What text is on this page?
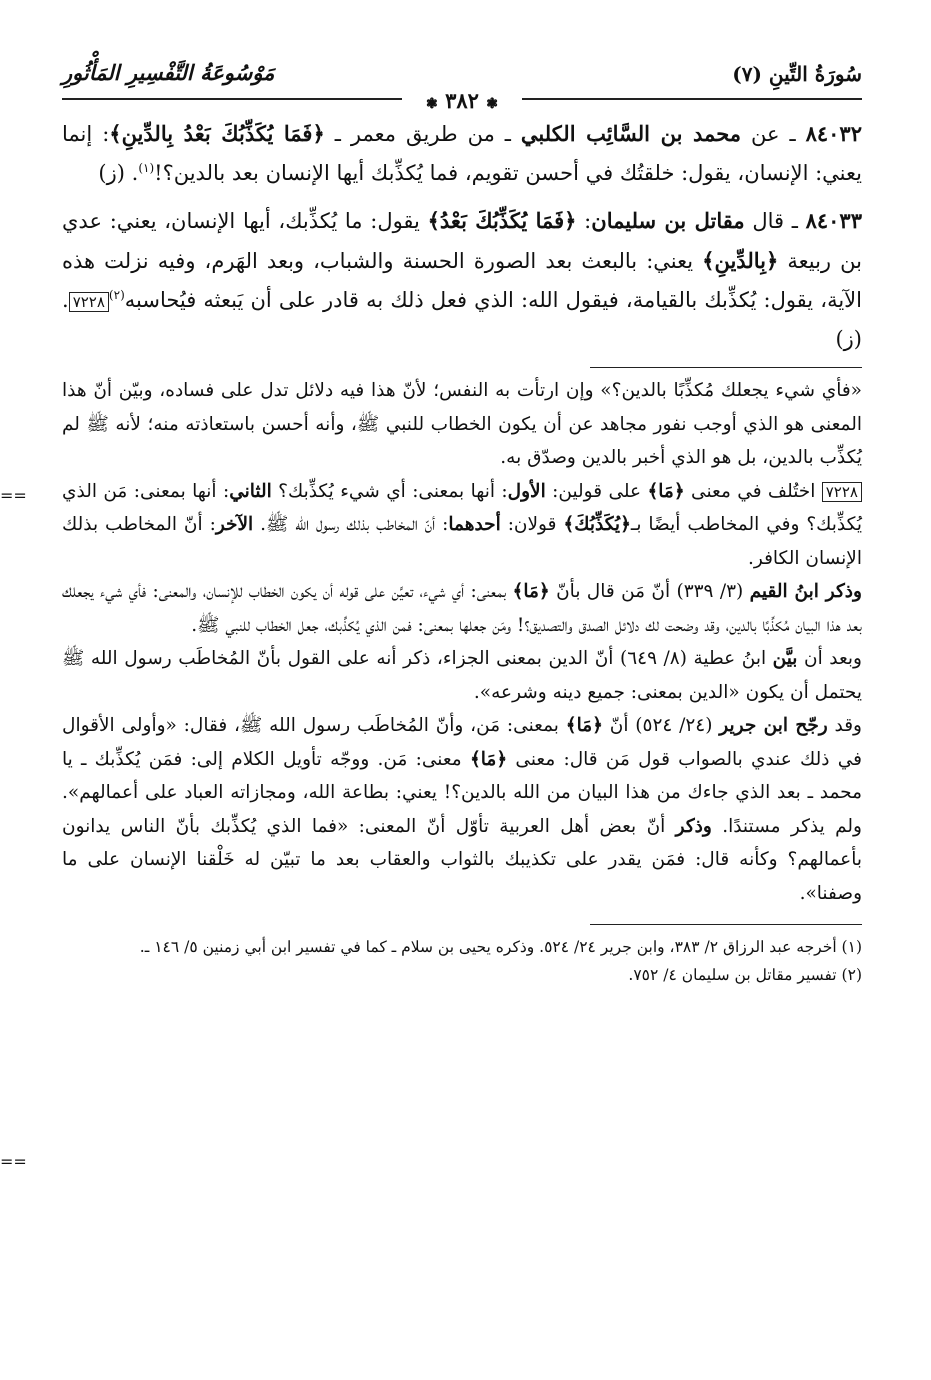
سُورَةُ التِّينِ (٧)
مَوْسُوعَةُ التَّفْسِيرِ المَأْثُورِ
❃ ٣٨٢ ❃

٨٤٠٣٢ ـ عن محمد بن السَّائِب الكلبي ـ من طريق معمر ـ ﴿فَمَا يُكَذِّبُكَ بَعْدُ بِالدِّينِ﴾: إنما يعني: الإنسان، يقول: خلقتُك في أحسن تقويم، فما يُكذِّبك أيها الإنسان بعد بالدين؟!$^{(١)}$. (ز)

٨٤٠٣٣ ـ قال مقاتل بن سليمان: ﴿فَمَا يُكَذِّبُكَ بَعْدُ﴾ يقول: ما يُكذِّبك، أيها الإنسان، يعني: عدي بن ربيعة ﴿بِالدِّينِ﴾ يعني: بالبعث بعد الصورة الحسنة والشباب، وبعد الهَرم، وفيه نزلت هذه الآية، يقول: يُكذِّبك بالقيامة، فيقول الله: الذي فعل ذلك به قادر على أن يَبعثه فيُحاسبه$^{(٢)}$٧٢٢٨. (ز)

«فأي شيء يجعلك مُكذِّبًا بالدين؟» وإن ارتأت به النفس؛ لأنّ هذا فيه دلائل تدل على فساده، وبيّن أنّ هذا المعنى هو الذي أوجب نفور مجاهد عن أن يكون الخطاب للنبي ﷺ، وأنه أحسن باستعاذته منه؛ لأنه ﷺ لم يُكذِّب بالدين، بل هو الذي أخبر بالدين وصدّق به.

٧٢٢٨ اختُلف في معنى ﴿مَا﴾ على قولين: الأول: أنها بمعنى: أي شيء يُكذِّبك؟ الثاني: أنها بمعنى: مَن الذي يُكذِّبك؟ وفي المخاطب أيضًا بـ﴿يُكَذِّبُكَ﴾ قولان: أحدهما: أنّ المخاطب بذلك رسول الله ﷺ. الآخر: أنّ المخاطب بذلك الإنسان الكافر.

وذكر ابنُ القيم (٣/ ٣٣٩) أنّ مَن قال بأنّ ﴿مَا﴾ بمعنى: أي شيء، تعيَّن على قوله أن يكون الخطاب للإنسان، والمعنى: فأي شيء يجعلك بعد هذا البيان مُكذِّبًا بالدين، وقد وضحت لك دلائل الصدق والتصديق؟! ومَن جعلها بمعنى: فمن الذي يُكذِّبك، جعل الخطاب للنبي ﷺ.

وبعد أن بيَّن ابنُ عطية (٨/ ٦٤٩) أنّ الدين بمعنى الجزاء، ذكر أنه على القول بأنّ المُخاطَب رسول الله ﷺ يحتمل أن يكون «الدين بمعنى: جميع دينه وشرعه».

وقد رجّح ابن جرير (٢٤/ ٥٢٤) أنّ ﴿مَا﴾ بمعنى: مَن، وأنّ المُخاطَب رسول الله ﷺ، فقال: «وأولى الأقوال في ذلك عندي بالصواب قول مَن قال: معنى ﴿مَا﴾ معنى: مَن. ووجّه تأويل الكلام إلى: فمَن يُكذِّبك ـ يا محمد ـ بعد الذي جاءك من هذا البيان من الله بالدين؟! يعني: بطاعة الله، ومجازاته العباد على أعمالهم». ولم يذكر مستندًا. وذكر أنّ بعض أهل العربية تأوّل أنّ المعنى: «فما الذي يُكذِّبك بأنّ الناس يدانون بأعمالهم؟ وكأنه قال: فمَن يقدر على تكذيبك بالثواب والعقاب بعد ما تبيّن له خَلْقنا الإنسان على ما وصفنا».

(١) أخرجه عبد الرزاق ٢/ ٣٨٣، وابن جرير ٢٤/ ٥٢٤. وذكره يحيى بن سلام ـ كما في تفسير ابن أبي زمنين ٥/ ١٤٦ ـ.

(٢) تفسير مقاتل بن سليمان ٤/ ٧٥٢.

==
==
